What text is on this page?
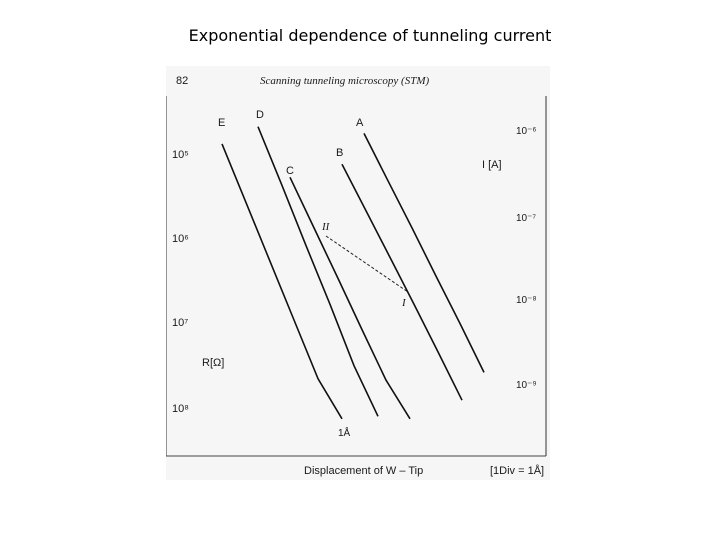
Exponential dependence of tunneling current
82	Scanning tunneling microscopy (STM)
10⁵
10⁶
10⁷
10⁸
10⁻⁶
10⁻⁷
10⁻⁸
10⁻⁹
R[Ω]
I [A]
Displacement of W – Tip	[1Div = 1Å]
1Å
E
D
C
B
A
II
I
